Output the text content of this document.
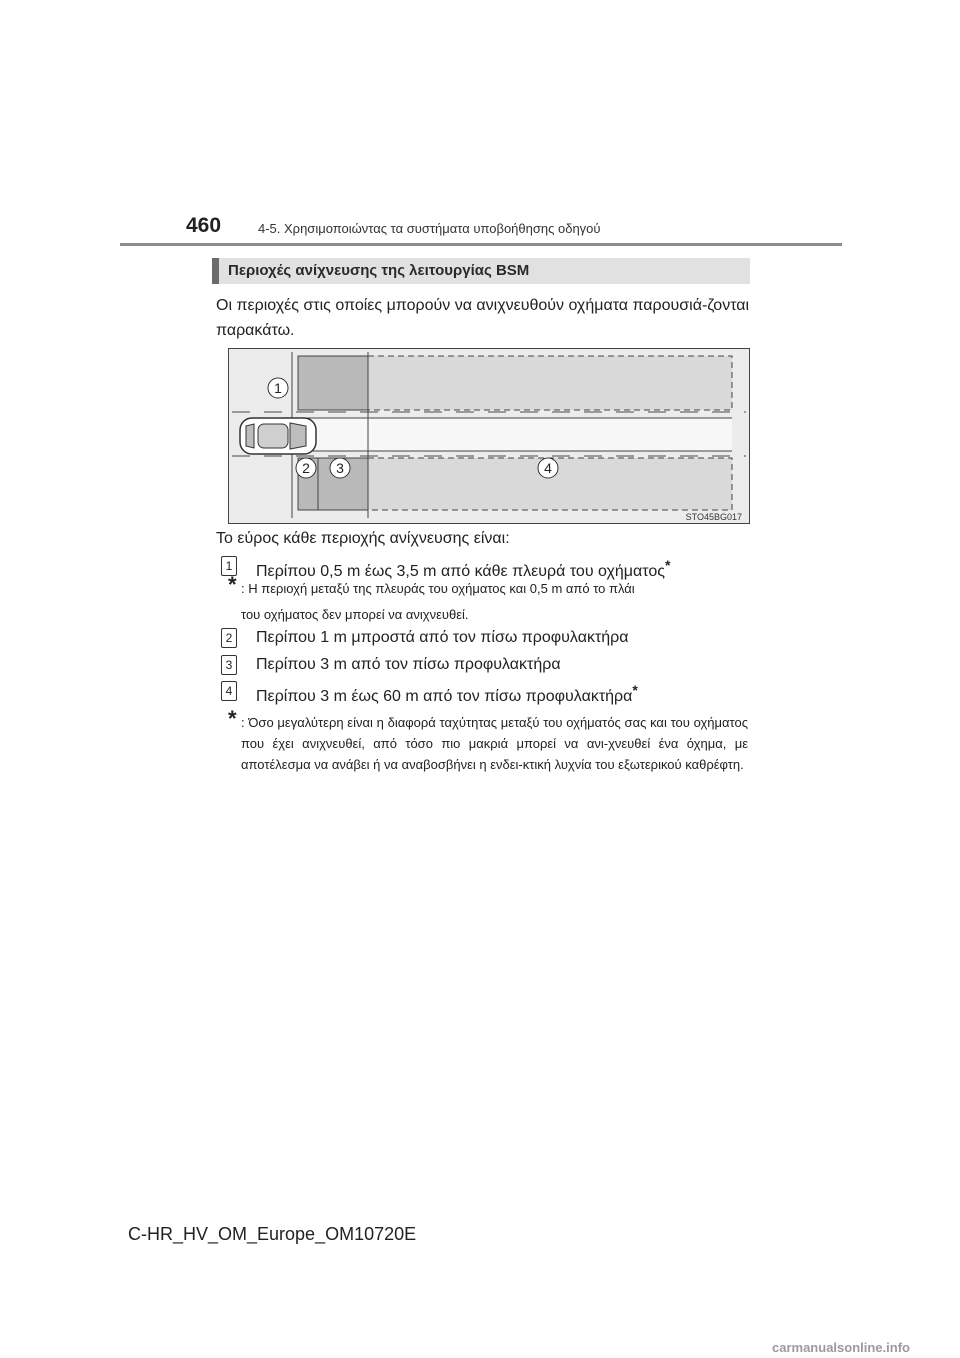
460	4-5. Χρησιμοποιώντας τα συστήματα υποβοήθησης οδηγού
Περιοχές ανίχνευσης της λειτουργίας BSM
Οι περιοχές στις οποίες μπορούν να ανιχνευθούν οχήματα παρουσιά-ζονται παρακάτω.
1
2 3	4
STO45BG017
Το εύρος κάθε περιοχής ανίχνευσης είναι:
1 Περίπου 0,5 m έως 3,5 m από κάθε πλευρά του οχήματος*
* : Η περιοχή μεταξύ της πλευράς του οχήματος και 0,5 m από το πλάι
του οχήματος δεν μπορεί να ανιχνευθεί.
2 Περίπου 1 m μπροστά από τον πίσω προφυλακτήρα
3 Περίπου 3 m από τον πίσω προφυλακτήρα
4 Περίπου 3 m έως 60 m από τον πίσω προφυλακτήρα*
* : Όσο μεγαλύτερη είναι η διαφορά ταχύτητας μεταξύ του οχήματός σας και του οχήματος που έχει ανιχνευθεί, από τόσο πιο μακριά μπορεί να ανι-χνευθεί ένα όχημα, με αποτέλεσμα να ανάβει ή να αναβοσβήνει η ενδει-κτική λυχνία του εξωτερικού καθρέφτη.
C-HR_HV_OM_Europe_OM10720E
carmanualsonline.info
